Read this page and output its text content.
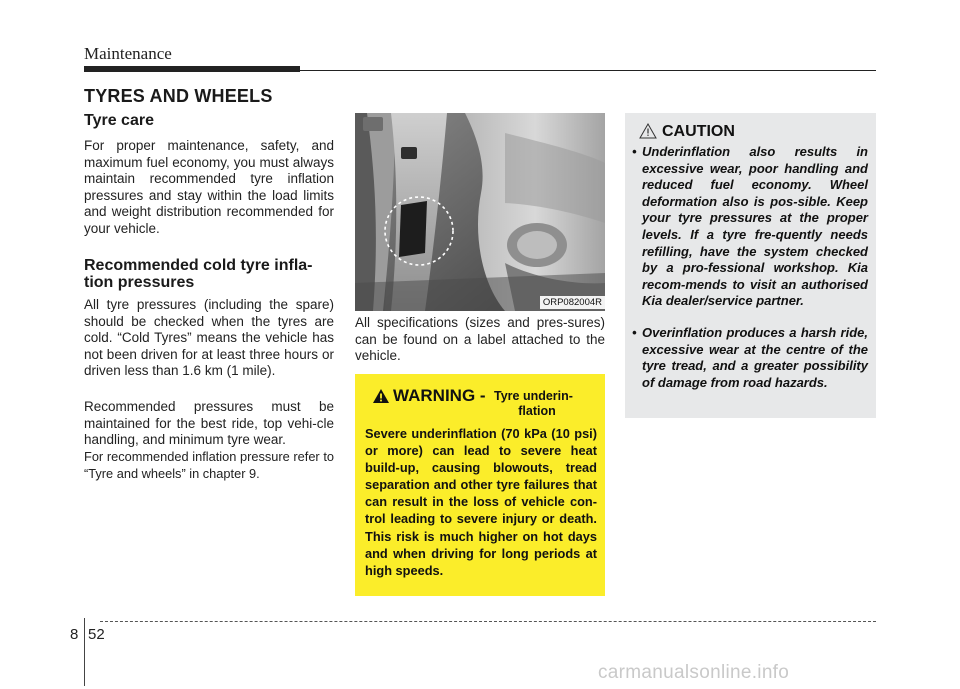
Maintenance
TYRES AND WHEELS
Tyre care
For proper maintenance, safety, and maximum fuel economy, you must always maintain recommended tyre inflation pressures and stay within the load limits and weight distribution recommended for your vehicle.
Recommended cold tyre infla-tion pressures
All tyre pressures (including the spare) should be checked when the tyres are cold. “Cold Tyres” means the vehicle has not been driven for at least three hours or driven less than 1.6 km (1 mile).
Recommended pressures must be maintained for the best ride, top vehi-cle handling, and minimum tyre wear.
For recommended inflation pressure refer to “Tyre and wheels” in chapter 9.
ORP082004R
All specifications (sizes and pres-sures) can be found on a label attached to the vehicle.
WARNING - Tyre underin-
flation
Severe underinflation (70 kPa (10 psi) or more) can lead to severe heat build-up, causing blowouts, tread separation and other tyre failures that can result in the loss of vehicle con-trol leading to severe injury or death. This risk is much higher on hot days and when driving for long periods at high speeds.
CAUTION
• Underinflation also results in excessive wear, poor handling and reduced fuel economy. Wheel deformation also is pos-sible. Keep your tyre pressures at the proper levels. If a tyre fre-quently needs refilling, have the system checked by a pro-fessional workshop. Kia recom-mends to visit an authorised Kia dealer/service partner.
• Overinflation produces a harsh ride, excessive wear at the centre of the tyre tread, and a greater possibility of damage from road hazards.
8 52
carmanualsonline.info
